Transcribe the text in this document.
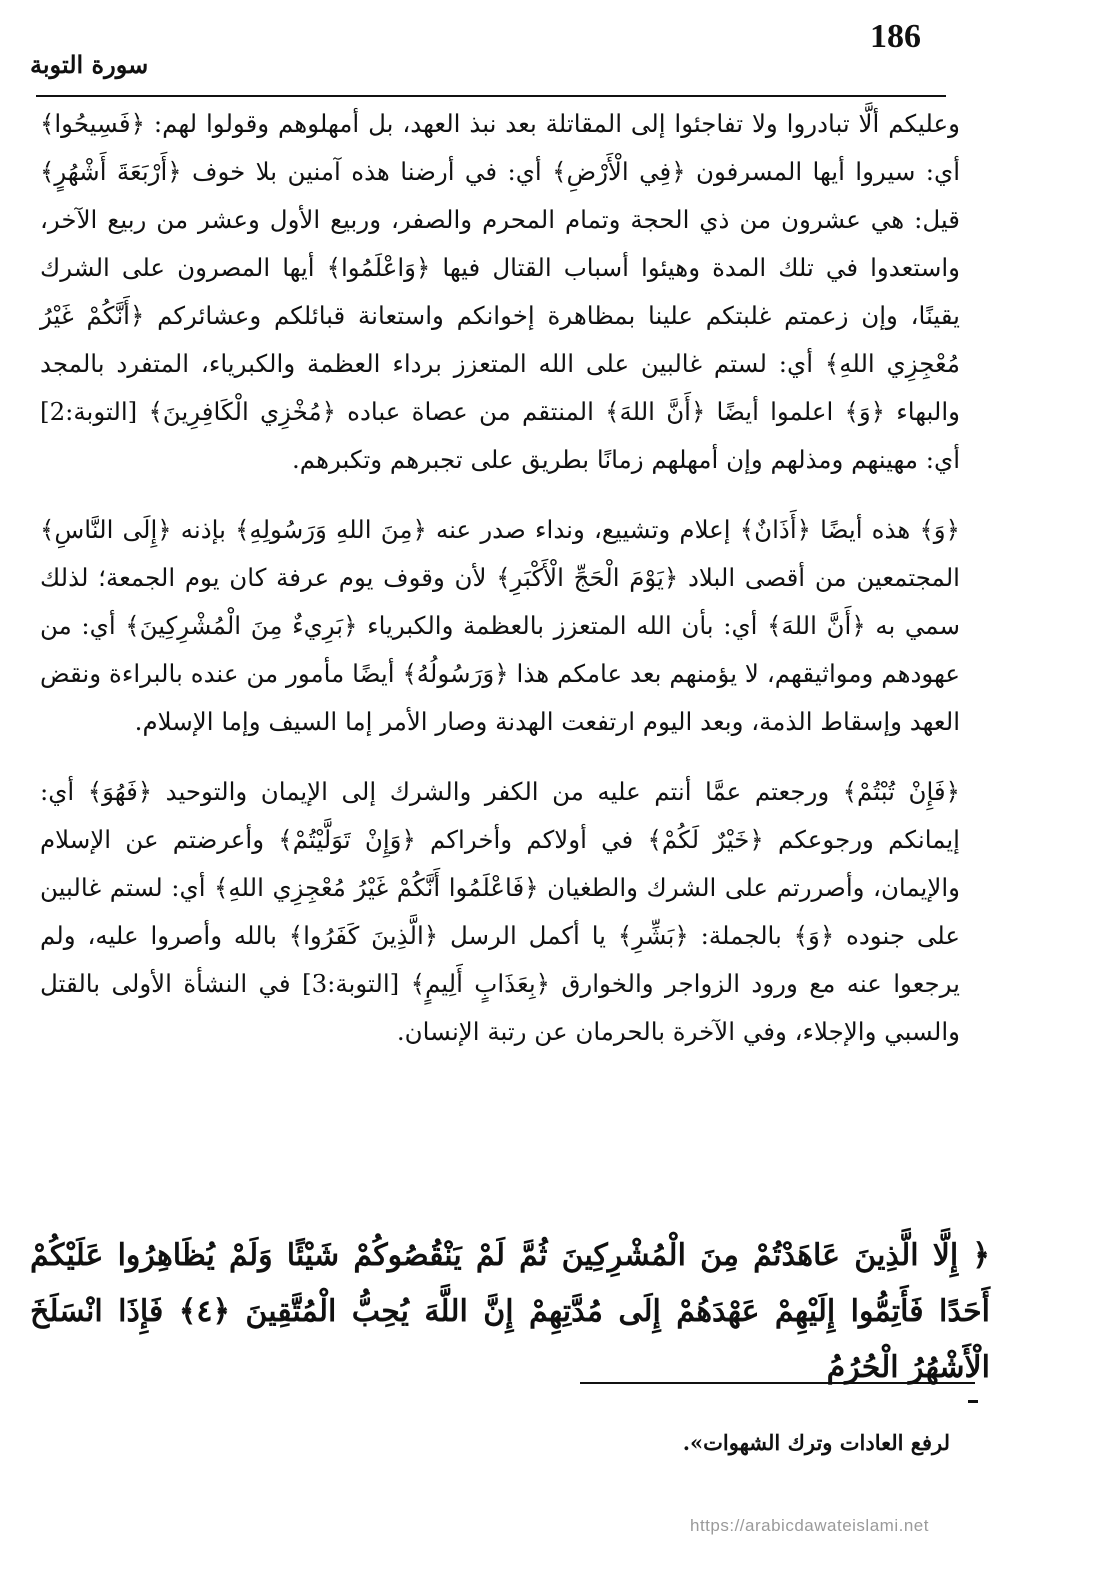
186
سورة التوبة

وعليكم ألَّا تبادروا ولا تفاجئوا إلى المقاتلة بعد نبذ العهد، بل أمهلوهم وقولوا لهم: ﴿فَسِيحُوا﴾ أي: سيروا أيها المسرفون ﴿فِي الْأَرْضِ﴾ أي: في أرضنا هذه آمنين بلا خوف ﴿أَرْبَعَةَ أَشْهُرٍ﴾ قيل: هي عشرون من ذي الحجة وتمام المحرم والصفر، وربيع الأول وعشر من ربيع الآخر، واستعدوا في تلك المدة وهيئوا أسباب القتال فيها ﴿وَاعْلَمُوا﴾ أيها المصرون على الشرك يقينًا، وإن زعمتم غلبتكم علينا بمظاهرة إخوانكم واستعانة قبائلكم وعشائركم ﴿أَنَّكُمْ غَيْرُ مُعْجِزِي اللهِ﴾ أي: لستم غالبين على الله المتعزز برداء العظمة والكبرياء، المتفرد بالمجد والبهاء ﴿وَ﴾ اعلموا أيضًا ﴿أَنَّ اللهَ﴾ المنتقم من عصاة عباده ﴿مُخْزِي الْكَافِرِينَ﴾ [التوبة:2] أي: مهينهم ومذلهم وإن أمهلهم زمانًا بطريق على تجبرهم وتكبرهم.

﴿وَ﴾ هذه أيضًا ﴿أَذَانٌ﴾ إعلام وتشييع، ونداء صدر عنه ﴿مِنَ اللهِ وَرَسُولِهِ﴾ بإذنه ﴿إِلَى النَّاسِ﴾ المجتمعين من أقصى البلاد ﴿يَوْمَ الْحَجِّ الْأَكْبَرِ﴾ لأن وقوف يوم عرفة كان يوم الجمعة؛ لذلك سمي به ﴿أَنَّ اللهَ﴾ أي: بأن الله المتعزز بالعظمة والكبرياء ﴿بَرِيءٌ مِنَ الْمُشْرِكِينَ﴾ أي: من عهودهم ومواثيقهم، لا يؤمنهم بعد عامكم هذا ﴿وَرَسُولُهُ﴾ أيضًا مأمور من عنده بالبراءة ونقض العهد وإسقاط الذمة، وبعد اليوم ارتفعت الهدنة وصار الأمر إما السيف وإما الإسلام.

﴿فَإِنْ تُبْتُمْ﴾ ورجعتم عمَّا أنتم عليه من الكفر والشرك إلى الإيمان والتوحيد ﴿فَهُوَ﴾ أي: إيمانكم ورجوعكم ﴿خَيْرٌ لَكُمْ﴾ في أولاكم وأخراكم ﴿وَإِنْ تَوَلَّيْتُمْ﴾ وأعرضتم عن الإسلام والإيمان، وأصررتم على الشرك والطغيان ﴿فَاعْلَمُوا أَنَّكُمْ غَيْرُ مُعْجِزِي اللهِ﴾ أي: لستم غالبين على جنوده ﴿وَ﴾ بالجملة: ﴿بَشِّرِ﴾ يا أكمل الرسل ﴿الَّذِينَ كَفَرُوا﴾ بالله وأصروا عليه، ولم يرجعوا عنه مع ورود الزواجر والخوارق ﴿بِعَذَابٍ أَلِيمٍ﴾ [التوبة:3] في النشأة الأولى بالقتل والسبي والإجلاء، وفي الآخرة بالحرمان عن رتبة الإنسان.

﴿ إِلَّا الَّذِينَ عَاهَدْتُمْ مِنَ الْمُشْرِكِينَ ثُمَّ لَمْ يَنْقُصُوكُمْ شَيْئًا وَلَمْ يُظَاهِرُوا عَلَيْكُمْ أَحَدًا فَأَتِمُّوا إِلَيْهِمْ عَهْدَهُمْ إِلَى مُدَّتِهِمْ إِنَّ اللَّهَ يُحِبُّ الْمُتَّقِينَ ﴿٤﴾ فَإِذَا انْسَلَخَ الْأَشْهُرُ الْحُرُمُ
لرفع العادات وترك الشهوات».
https://arabicdawateislami.net
